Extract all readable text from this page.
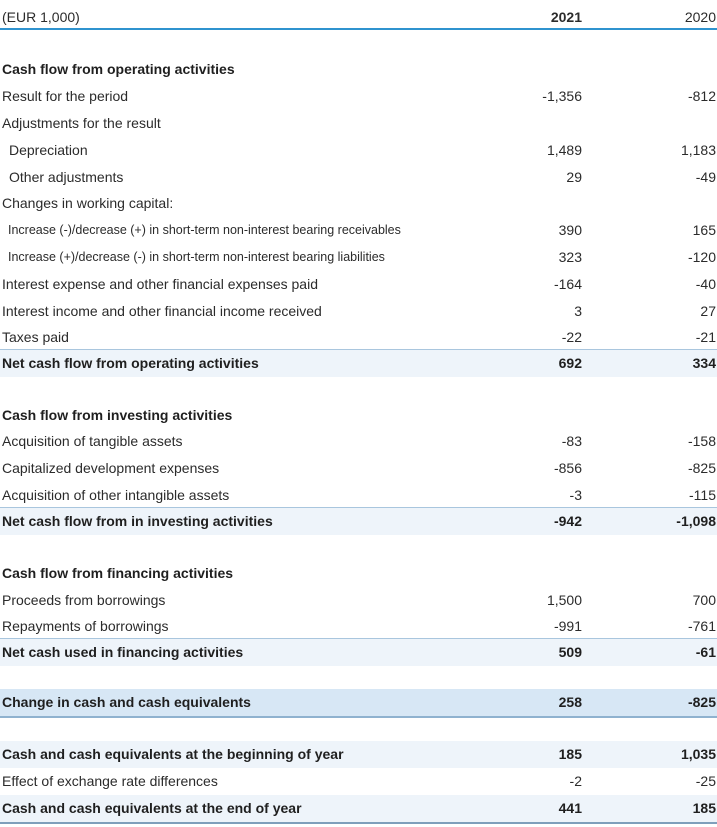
(EUR 1,000)	2021	2020
Cash flow from operating activities
Result for the period	-1,356	-812
Adjustments for the result
Depreciation	1,489	1,183
Other adjustments	29	-49
Changes in working capital:
Increase (-)/decrease (+) in short-term non-interest bearing receivables	390	165
Increase (+)/decrease (-) in short-term non-interest bearing liabilities	323	-120
Interest expense and other financial expenses paid	-164	-40
Interest income and other financial income received	3	27
Taxes paid	-22	-21
Net cash flow from operating activities	692	334
Cash flow from investing activities
Acquisition of tangible assets	-83	-158
Capitalized development expenses	-856	-825
Acquisition of other intangible assets	-3	-115
Net cash flow from in investing activities	-942	-1,098
Cash flow from financing activities
Proceeds from borrowings	1,500	700
Repayments of borrowings	-991	-761
Net cash used in financing activities	509	-61
Change in cash and cash equivalents	258	-825
Cash and cash equivalents at the beginning of year	185	1,035
Effect of exchange rate differences	-2	-25
Cash and cash equivalents at the end of year	441	185
